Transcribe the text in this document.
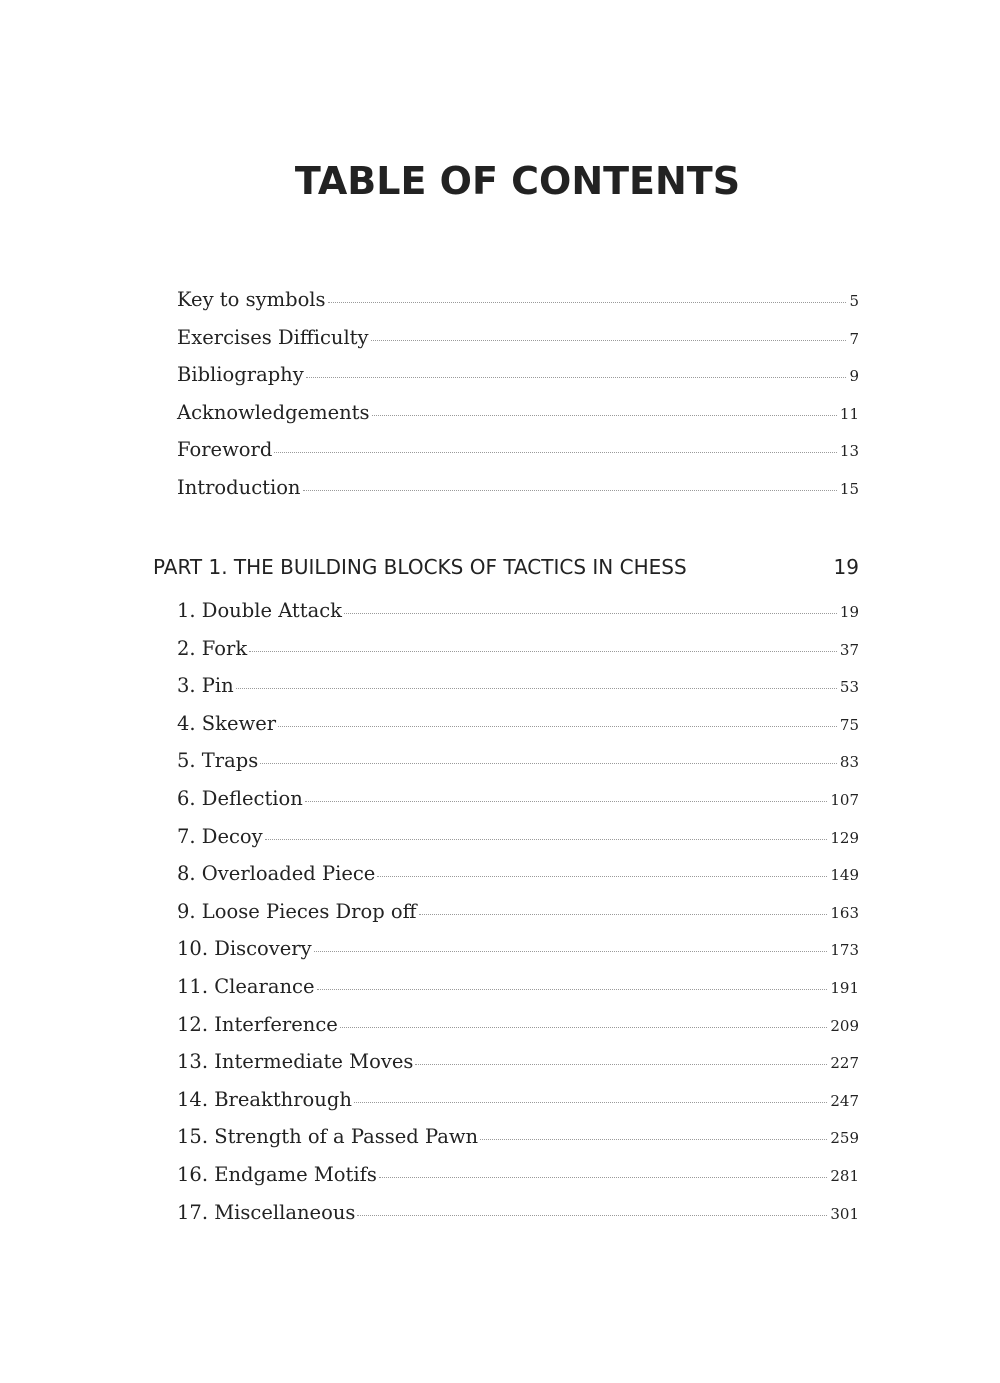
TABLE OF CONTENTS
Key to symbols	5
Exercises Difficulty	7
Bibliography	9
Acknowledgements	11
Foreword	13
Introduction	15
PART 1. THE BUILDING BLOCKS OF TACTICS IN CHESS	19
1. Double Attack	19
2. Fork	37
3. Pin	53
4. Skewer	75
5. Traps	83
6. Deflection	107
7. Decoy	129
8. Overloaded Piece	149
9. Loose Pieces Drop off	163
10. Discovery	173
11. Clearance	191
12. Interference	209
13. Intermediate Moves	227
14. Breakthrough	247
15. Strength of a Passed Pawn	259
16. Endgame Motifs	281
17. Miscellaneous	301
